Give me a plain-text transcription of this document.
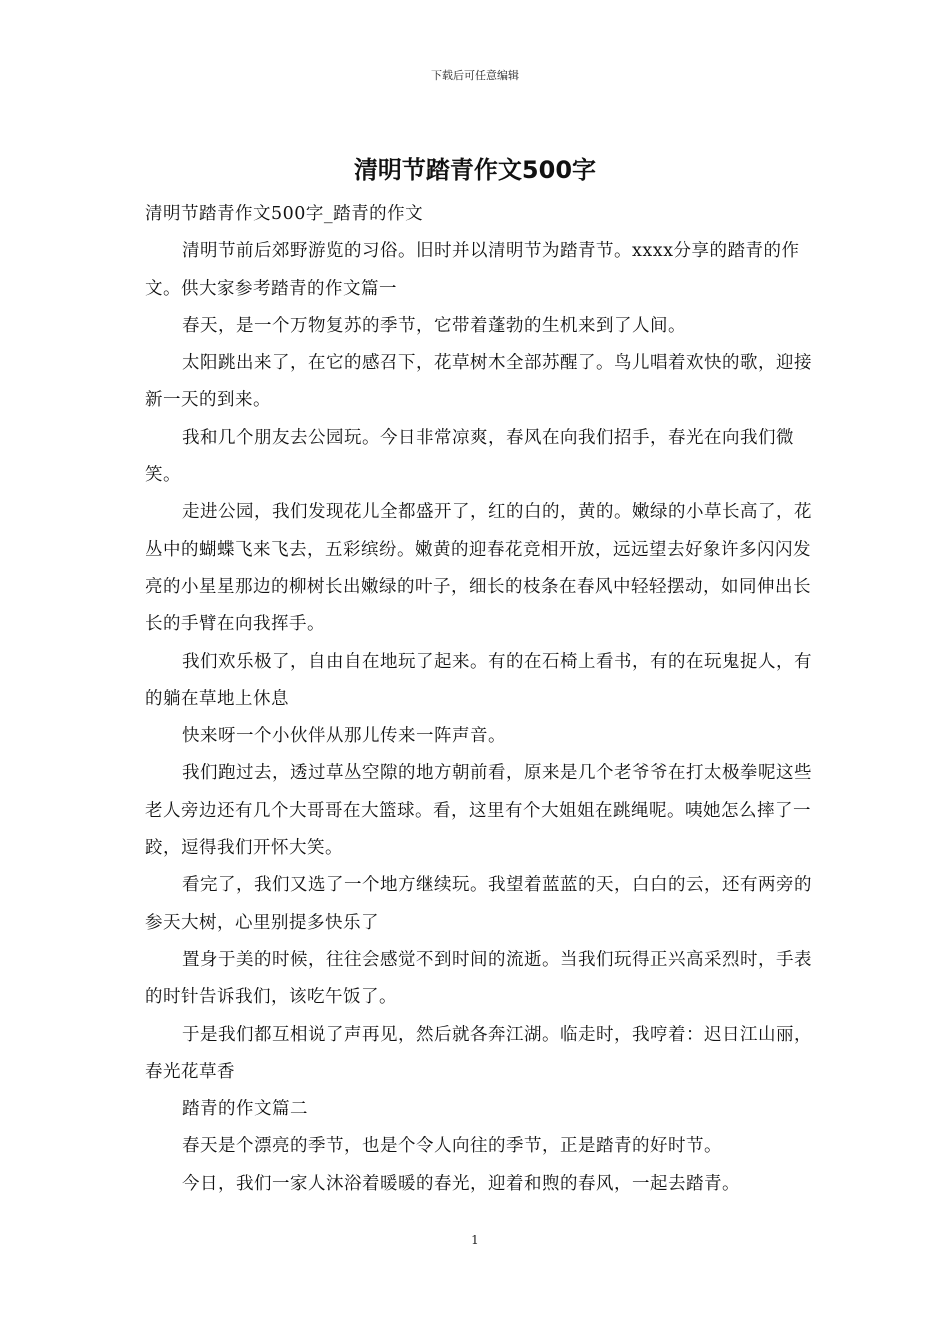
下载后可任意编辑
清明节踏青作文500字

清明节踏青作文500字_踏青的作文

清明节前后郊野游览的习俗。旧时并以清明节为踏青节。xxxx分享的踏青的作文。供大家参考踏青的作文篇一

春天，是一个万物复苏的季节，它带着蓬勃的生机来到了人间。

太阳跳出来了，在它的感召下，花草树木全部苏醒了。鸟儿唱着欢快的歌，迎接新一天的到来。

我和几个朋友去公园玩。今日非常凉爽，春风在向我们招手，春光在向我们微笑。

走进公园，我们发现花儿全都盛开了，红的白的，黄的。嫩绿的小草长高了，花丛中的蝴蝶飞来飞去，五彩缤纷。嫩黄的迎春花竞相开放，远远望去好象许多闪闪发亮的小星星那边的柳树长出嫩绿的叶子，细长的枝条在春风中轻轻摆动，如同伸出长长的手臂在向我挥手。

我们欢乐极了，自由自在地玩了起来。有的在石椅上看书，有的在玩鬼捉人，有的躺在草地上休息

快来呀一个小伙伴从那儿传来一阵声音。

我们跑过去，透过草丛空隙的地方朝前看，原来是几个老爷爷在打太极拳呢这些老人旁边还有几个大哥哥在大篮球。看，这里有个大姐姐在跳绳呢。咦她怎么摔了一跤，逗得我们开怀大笑。

看完了，我们又选了一个地方继续玩。我望着蓝蓝的天，白白的云，还有两旁的参天大树，心里别提多快乐了

置身于美的时候，往往会感觉不到时间的流逝。当我们玩得正兴高采烈时，手表的时针告诉我们，该吃午饭了。

于是我们都互相说了声再见，然后就各奔江湖。临走时，我哼着：迟日江山丽，春光花草香

踏青的作文篇二

春天是个漂亮的季节，也是个令人向往的季节，正是踏青的好时节。

今日，我们一家人沐浴着暖暖的春光，迎着和煦的春风，一起去踏青。

1
